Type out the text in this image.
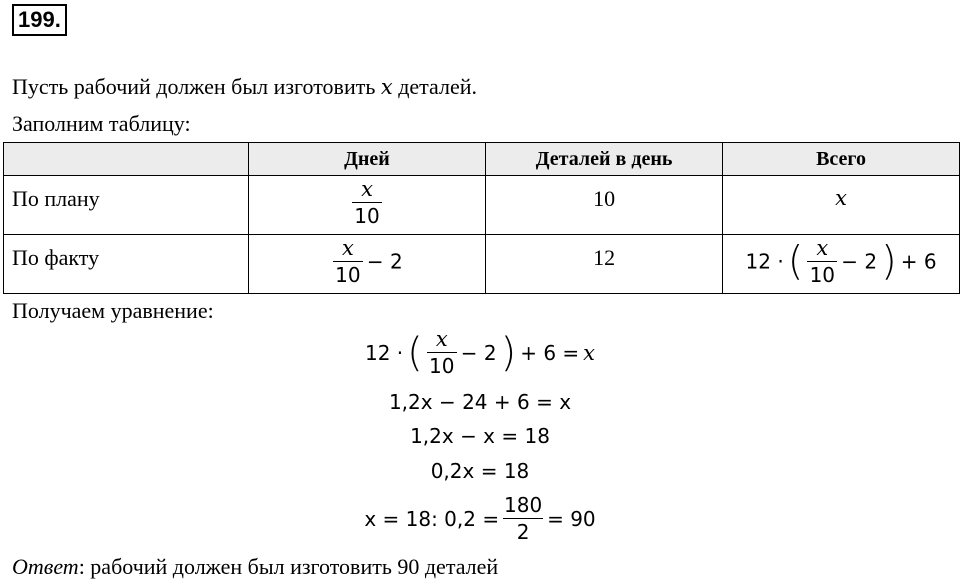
199.
Пусть рабочий должен был изготовить x деталей.
Заполним таблицу:
	Дней	Деталей в день	Всего
По плану	$\frac{x}{10}$	10	x

По факту	$\frac{x}{10} - 2$	12	12 · ( $\frac{x}{10} - 2$ ) + 6
Получаем уравнение:
12 · ( $\frac{x}{10} - 2$ ) + 6 = x
1,2x − 24 + 6 = x
1,2x − x = 18
0,2x = 18
x = 18: $0,2 = \frac{180}{2} = 90$
Ответ: рабочий должен был изготовить 90 деталей
